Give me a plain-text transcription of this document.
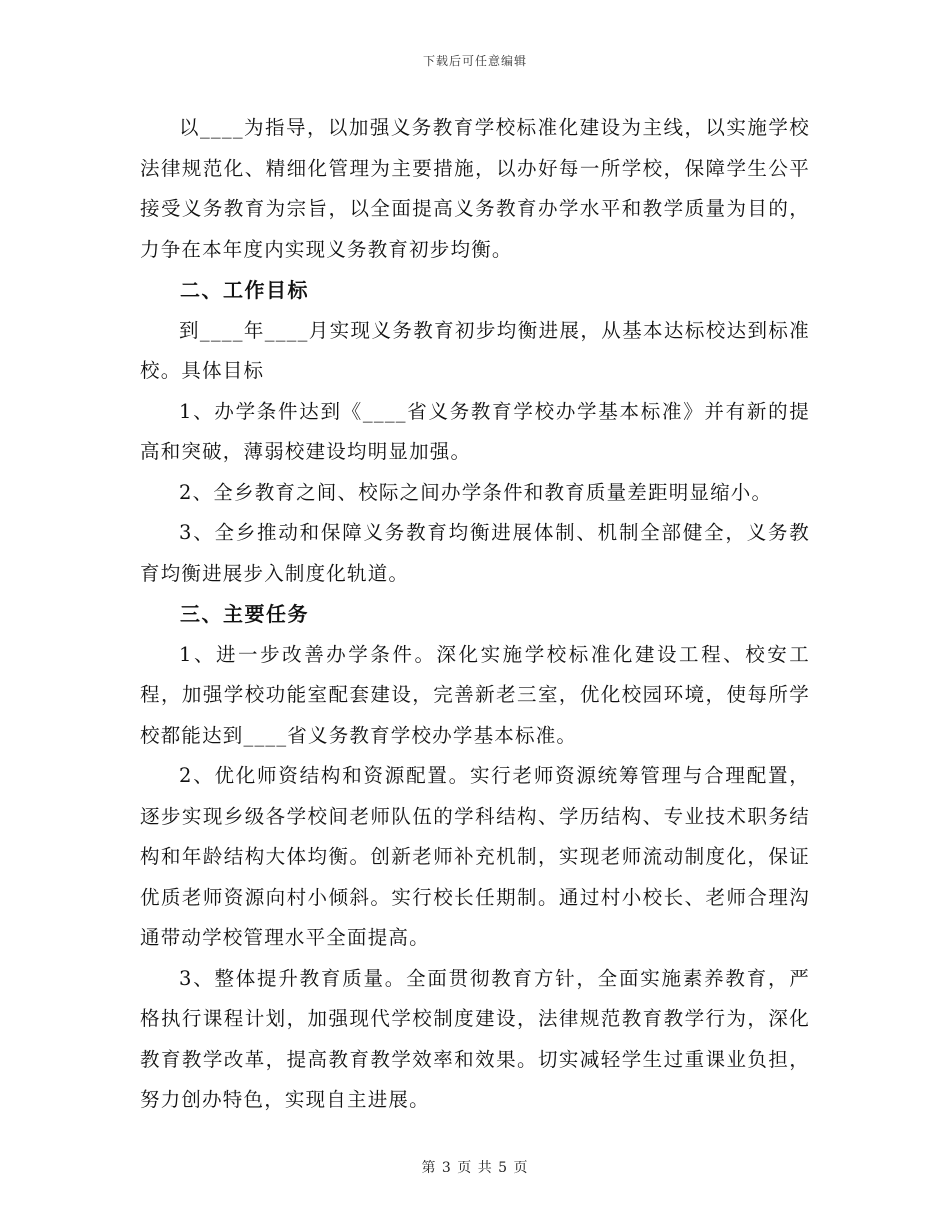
下载后可任意编辑

以____为指导，以加强义务教育学校标准化建设为主线，以实施学校法律规范化、精细化管理为主要措施，以办好每一所学校，保障学生公平接受义务教育为宗旨，以全面提高义务教育办学水平和教学质量为目的，力争在本年度内实现义务教育初步均衡。

二、工作目标

到____年____月实现义务教育初步均衡进展，从基本达标校达到标准校。具体目标

1、办学条件达到《____省义务教育学校办学基本标准》并有新的提高和突破，薄弱校建设均明显加强。

2、全乡教育之间、校际之间办学条件和教育质量差距明显缩小。

3、全乡推动和保障义务教育均衡进展体制、机制全部健全，义务教育均衡进展步入制度化轨道。

三、主要任务

1、进一步改善办学条件。深化实施学校标准化建设工程、校安工程，加强学校功能室配套建设，完善新老三室，优化校园环境，使每所学校都能达到____省义务教育学校办学基本标准。

2、优化师资结构和资源配置。实行老师资源统筹管理与合理配置，逐步实现乡级各学校间老师队伍的学科结构、学历结构、专业技术职务结构和年龄结构大体均衡。创新老师补充机制，实现老师流动制度化，保证优质老师资源向村小倾斜。实行校长任期制。通过村小校长、老师合理沟通带动学校管理水平全面提高。

3、整体提升教育质量。全面贯彻教育方针，全面实施素养教育，严格执行课程计划，加强现代学校制度建设，法律规范教育教学行为，深化教育教学改革，提高教育教学效率和效果。切实减轻学生过重课业负担，努力创办特色，实现自主进展。

第 3 页 共 5 页
